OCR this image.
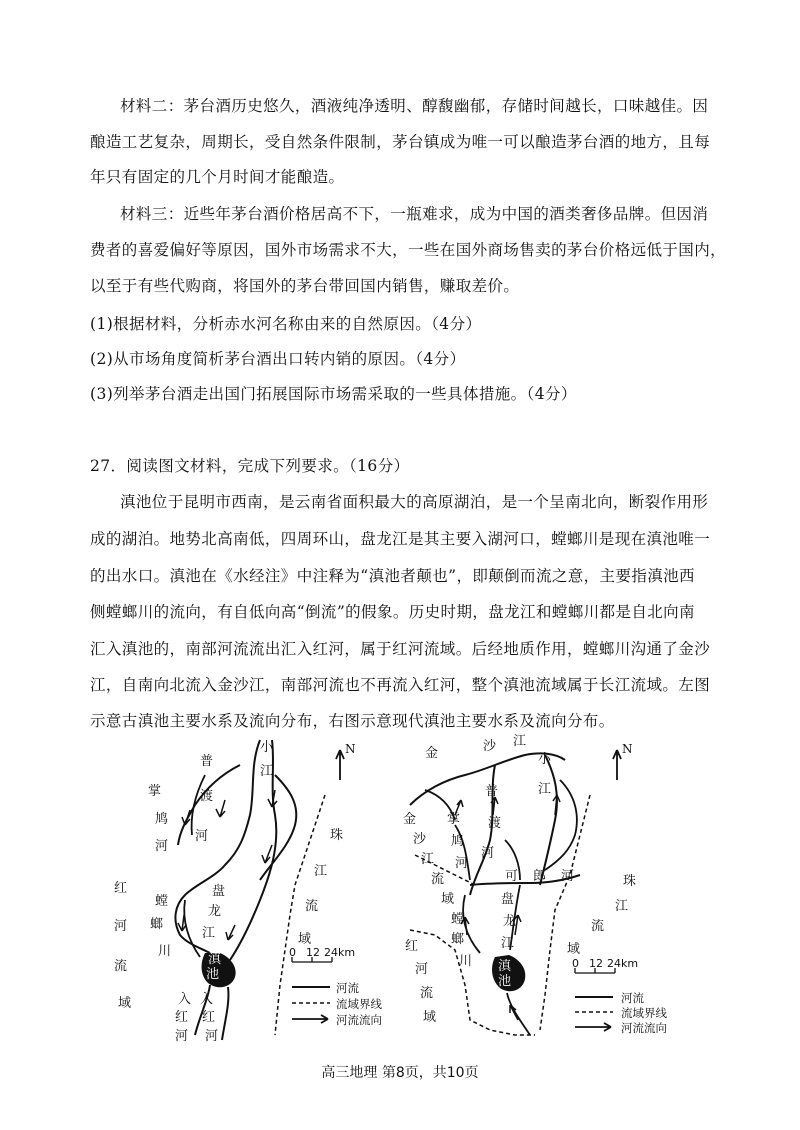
材料二：茅台酒历史悠久，酒液纯净透明、醇馥幽郁，存储时间越长，口味越佳。因
酿造工艺复杂，周期长，受自然条件限制，茅台镇成为唯一可以酿造茅台酒的地方，且每
年只有固定的几个月时间才能酿造。
材料三：近些年茅台酒价格居高不下，一瓶难求，成为中国的酒类奢侈品牌。但因消
费者的喜爱偏好等原因，国外市场需求不大，一些在国外商场售卖的茅台价格远低于国内，
以至于有些代购商，将国外的茅台带回国内销售，赚取差价。
(1)根据材料，分析赤水河名称由来的自然原因。（4分）
(2)从市场角度简析茅台酒出口转内销的原因。（4分）
(3)列举茅台酒走出国门拓展国际市场需采取的一些具体措施。（4分）
27．阅读图文材料，完成下列要求。（16分）
滇池位于昆明市西南，是云南省面积最大的高原湖泊，是一个呈南北向，断裂作用形
成的湖泊。地势北高南低，四周环山，盘龙江是其主要入湖河口，螳螂川是现在滇池唯一
的出水口。滇池在《水经注》中注释为“滇池者颠也”，即颠倒而流之意，主要指滇池西
侧螳螂川的流向，有自低向高“倒流”的假象。历史时期，盘龙江和螳螂川都是自北向南
汇入滇池的，南部河流流出汇入红河，属于红河流域。后经地质作用，螳螂川沟通了金沙
江，自南向北流入金沙江，南部河流也不再流入红河，整个滇池流域属于长江流域。左图
示意古滇池主要水系及流向分布，右图示意现代滇池主要水系及流向分布。
普
渡
河
掌
鸠
河
小
江
珠
江
流
域
红
河
流
域
螳
螂
川
盘
龙
江
滇
池
入
红
河
入
红
河
N
0 12 24km
河流
流域界线
河流流向
金	沙 江
金
沙
江
流
域
普
渡
河
掌
鸠
河
小
江
可 郎 河	珠
江
流
域
盘
龙
江
螳
螂
川
红
河
流
域
滇
池
N
0 12 24km
河流
流域界线
河流流向
高三地理 第8页，共10页
